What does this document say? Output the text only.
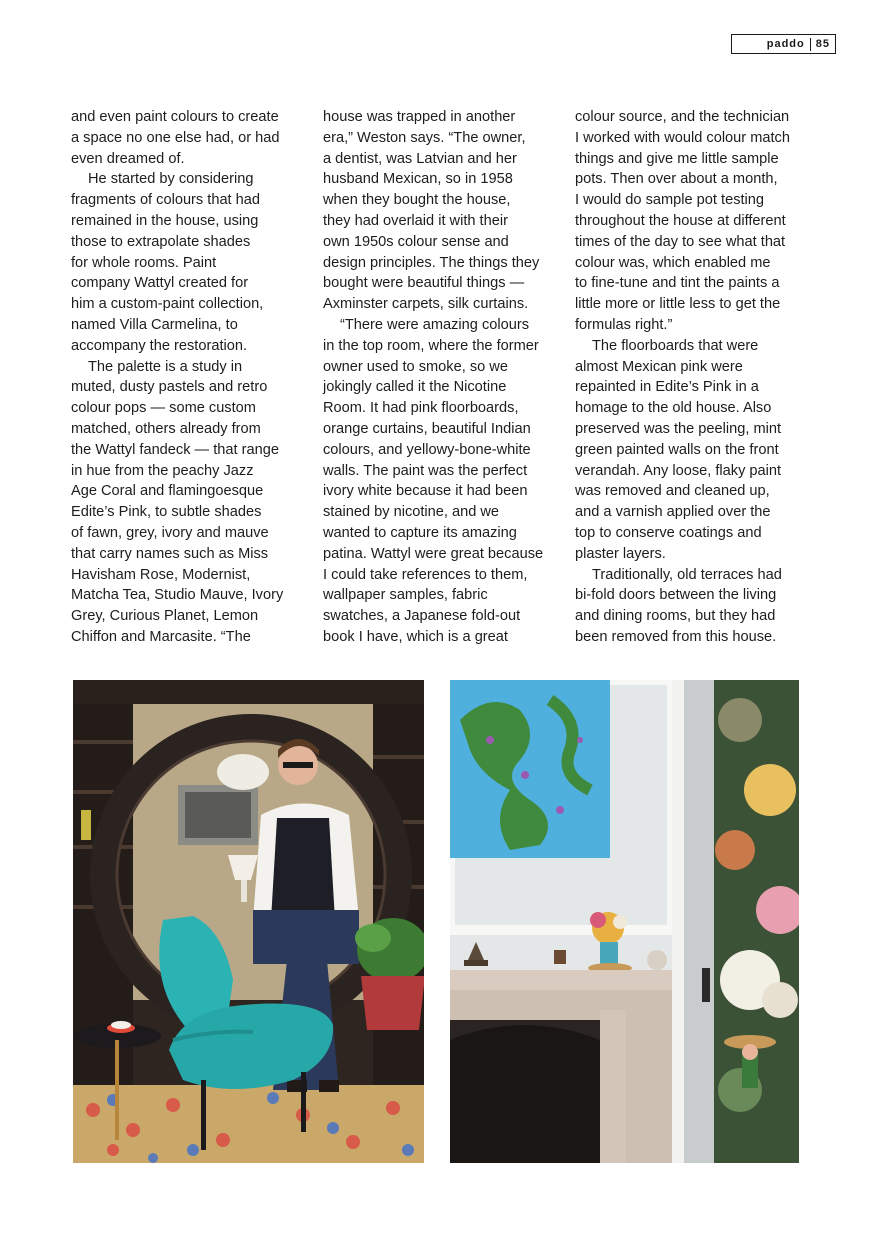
paddo 85

and even paint colours to create

a space no one else had, or had

even dreamed of.

He started by considering

fragments of colours that had

remained in the house, using

those to extrapolate shades

for whole rooms. Paint

company Wattyl created for

him a custom-paint collection,

named Villa Carmelina, to

accompany the restoration.

The palette is a study in

muted, dusty pastels and retro

colour pops — some custom

matched, others already from

the Wattyl fandeck — that range

in hue from the peachy Jazz

Age Coral and flamingoesque

Edite’s Pink, to subtle shades

of fawn, grey, ivory and mauve

that carry names such as Miss

Havisham Rose, Modernist,

Matcha Tea, Studio Mauve, Ivory

Grey, Curious Planet, Lemon

Chiffon and Marcasite. “The

house was trapped in another

era,” Weston says. “The owner,

a dentist, was Latvian and her

husband Mexican, so in 1958

when they bought the house,

they had overlaid it with their

own 1950s colour sense and

design principles. The things they

bought were beautiful things —

Axminster carpets, silk curtains.

“There were amazing colours

in the top room, where the former

owner used to smoke, so we

jokingly called it the Nicotine

Room. It had pink floorboards,

orange curtains, beautiful Indian

colours, and yellowy-bone-white

walls. The paint was the perfect

ivory white because it had been

stained by nicotine, and we

wanted to capture its amazing

patina. Wattyl were great because

I could take references to them,

wallpaper samples, fabric

swatches, a Japanese fold-out

book I have, which is a great

colour source, and the technician

I worked with would colour match

things and give me little sample

pots. Then over about a month,

I would do sample pot testing

throughout the house at different

times of the day to see what that

colour was, which enabled me

to fine-tune and tint the paints a

little more or little less to get the

formulas right.”

The floorboards that were

almost Mexican pink were

repainted in Edite’s Pink in a

homage to the old house. Also

preserved was the peeling, mint

green painted walls on the front

verandah. Any loose, flaky paint

was removed and cleaned up,

and a varnish applied over the

top to conserve coatings and

plaster layers.

Traditionally, old terraces had

bi-fold doors between the living

and dining rooms, but they had

been removed from this house.
